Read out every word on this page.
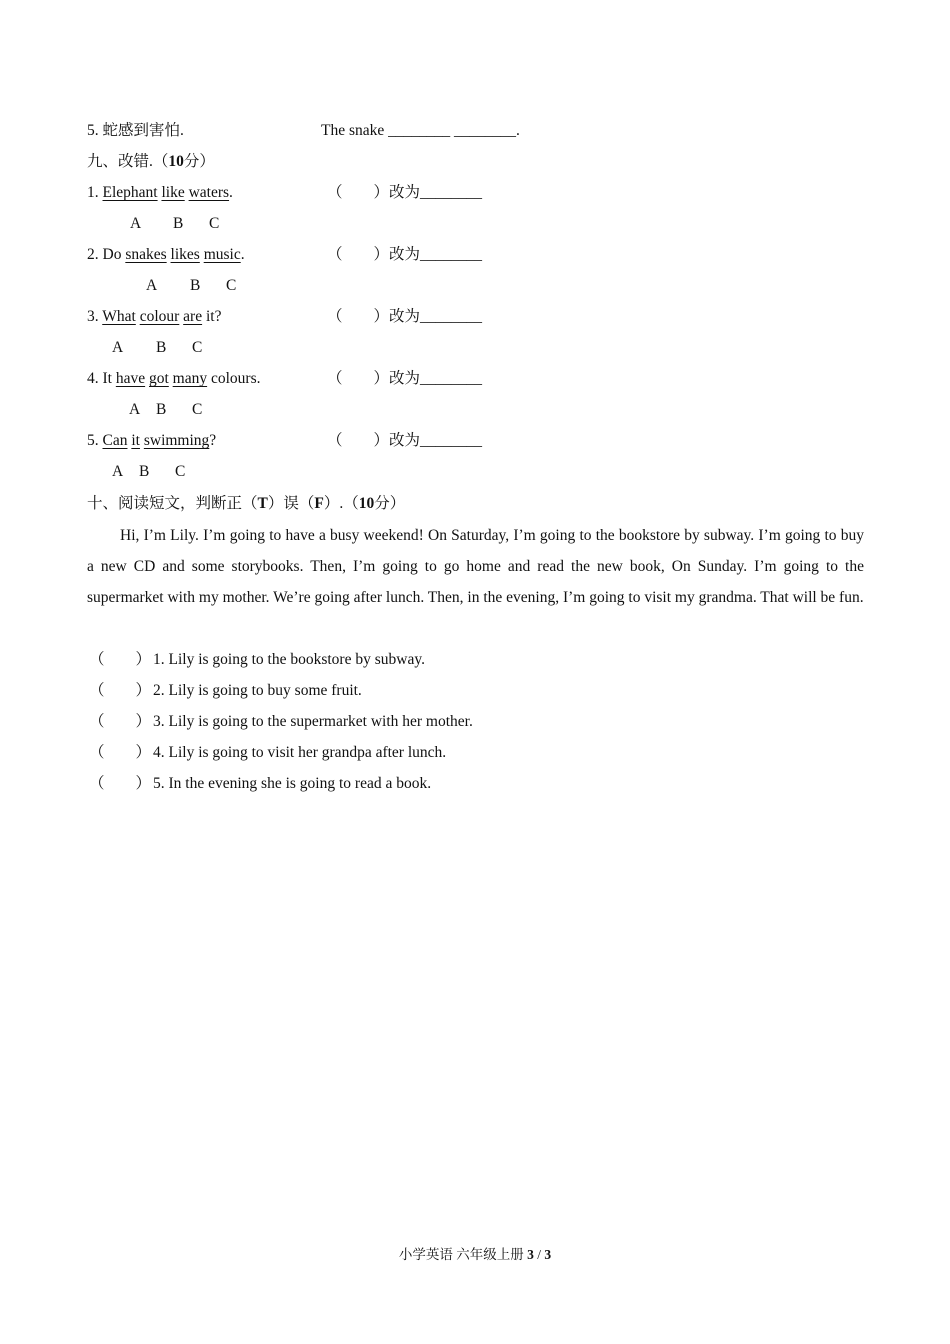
5. 蛇感到害怕.	The snake ________ ________.
九、改错.（10分）
1. Elephant like waters.	（　　）改为________
A B C
2. Do snakes likes music.	（　　）改为________
A B C
3. What colour are it?	（　　）改为________
A B C
4. It have got many colours.	（　　）改为________
A B C
5. Can it swimming?	（　　）改为________
A B C
十、阅读短文，判断正（T）误（F）.（10分）
Hi, I’m Lily. I’m going to have a busy weekend! On Saturday, I’m going to the bookstore by subway. I’m going to buy a new CD and some storybooks. Then, I’m going to go home and read the new book, On Sunday. I’m going to the supermarket with my mother. We’re going after lunch. Then, in the evening, I’m going to visit my grandma. That will be fun.
（　　） 1. Lily is going to the bookstore by subway.
（　　） 2. Lily is going to buy some fruit.
（　　） 3. Lily is going to the supermarket with her mother.
（　　） 4. Lily is going to visit her grandpa after lunch.
（　　） 5. In the evening she is going to read a book.
小学英语 六年级上册 3 / 3
